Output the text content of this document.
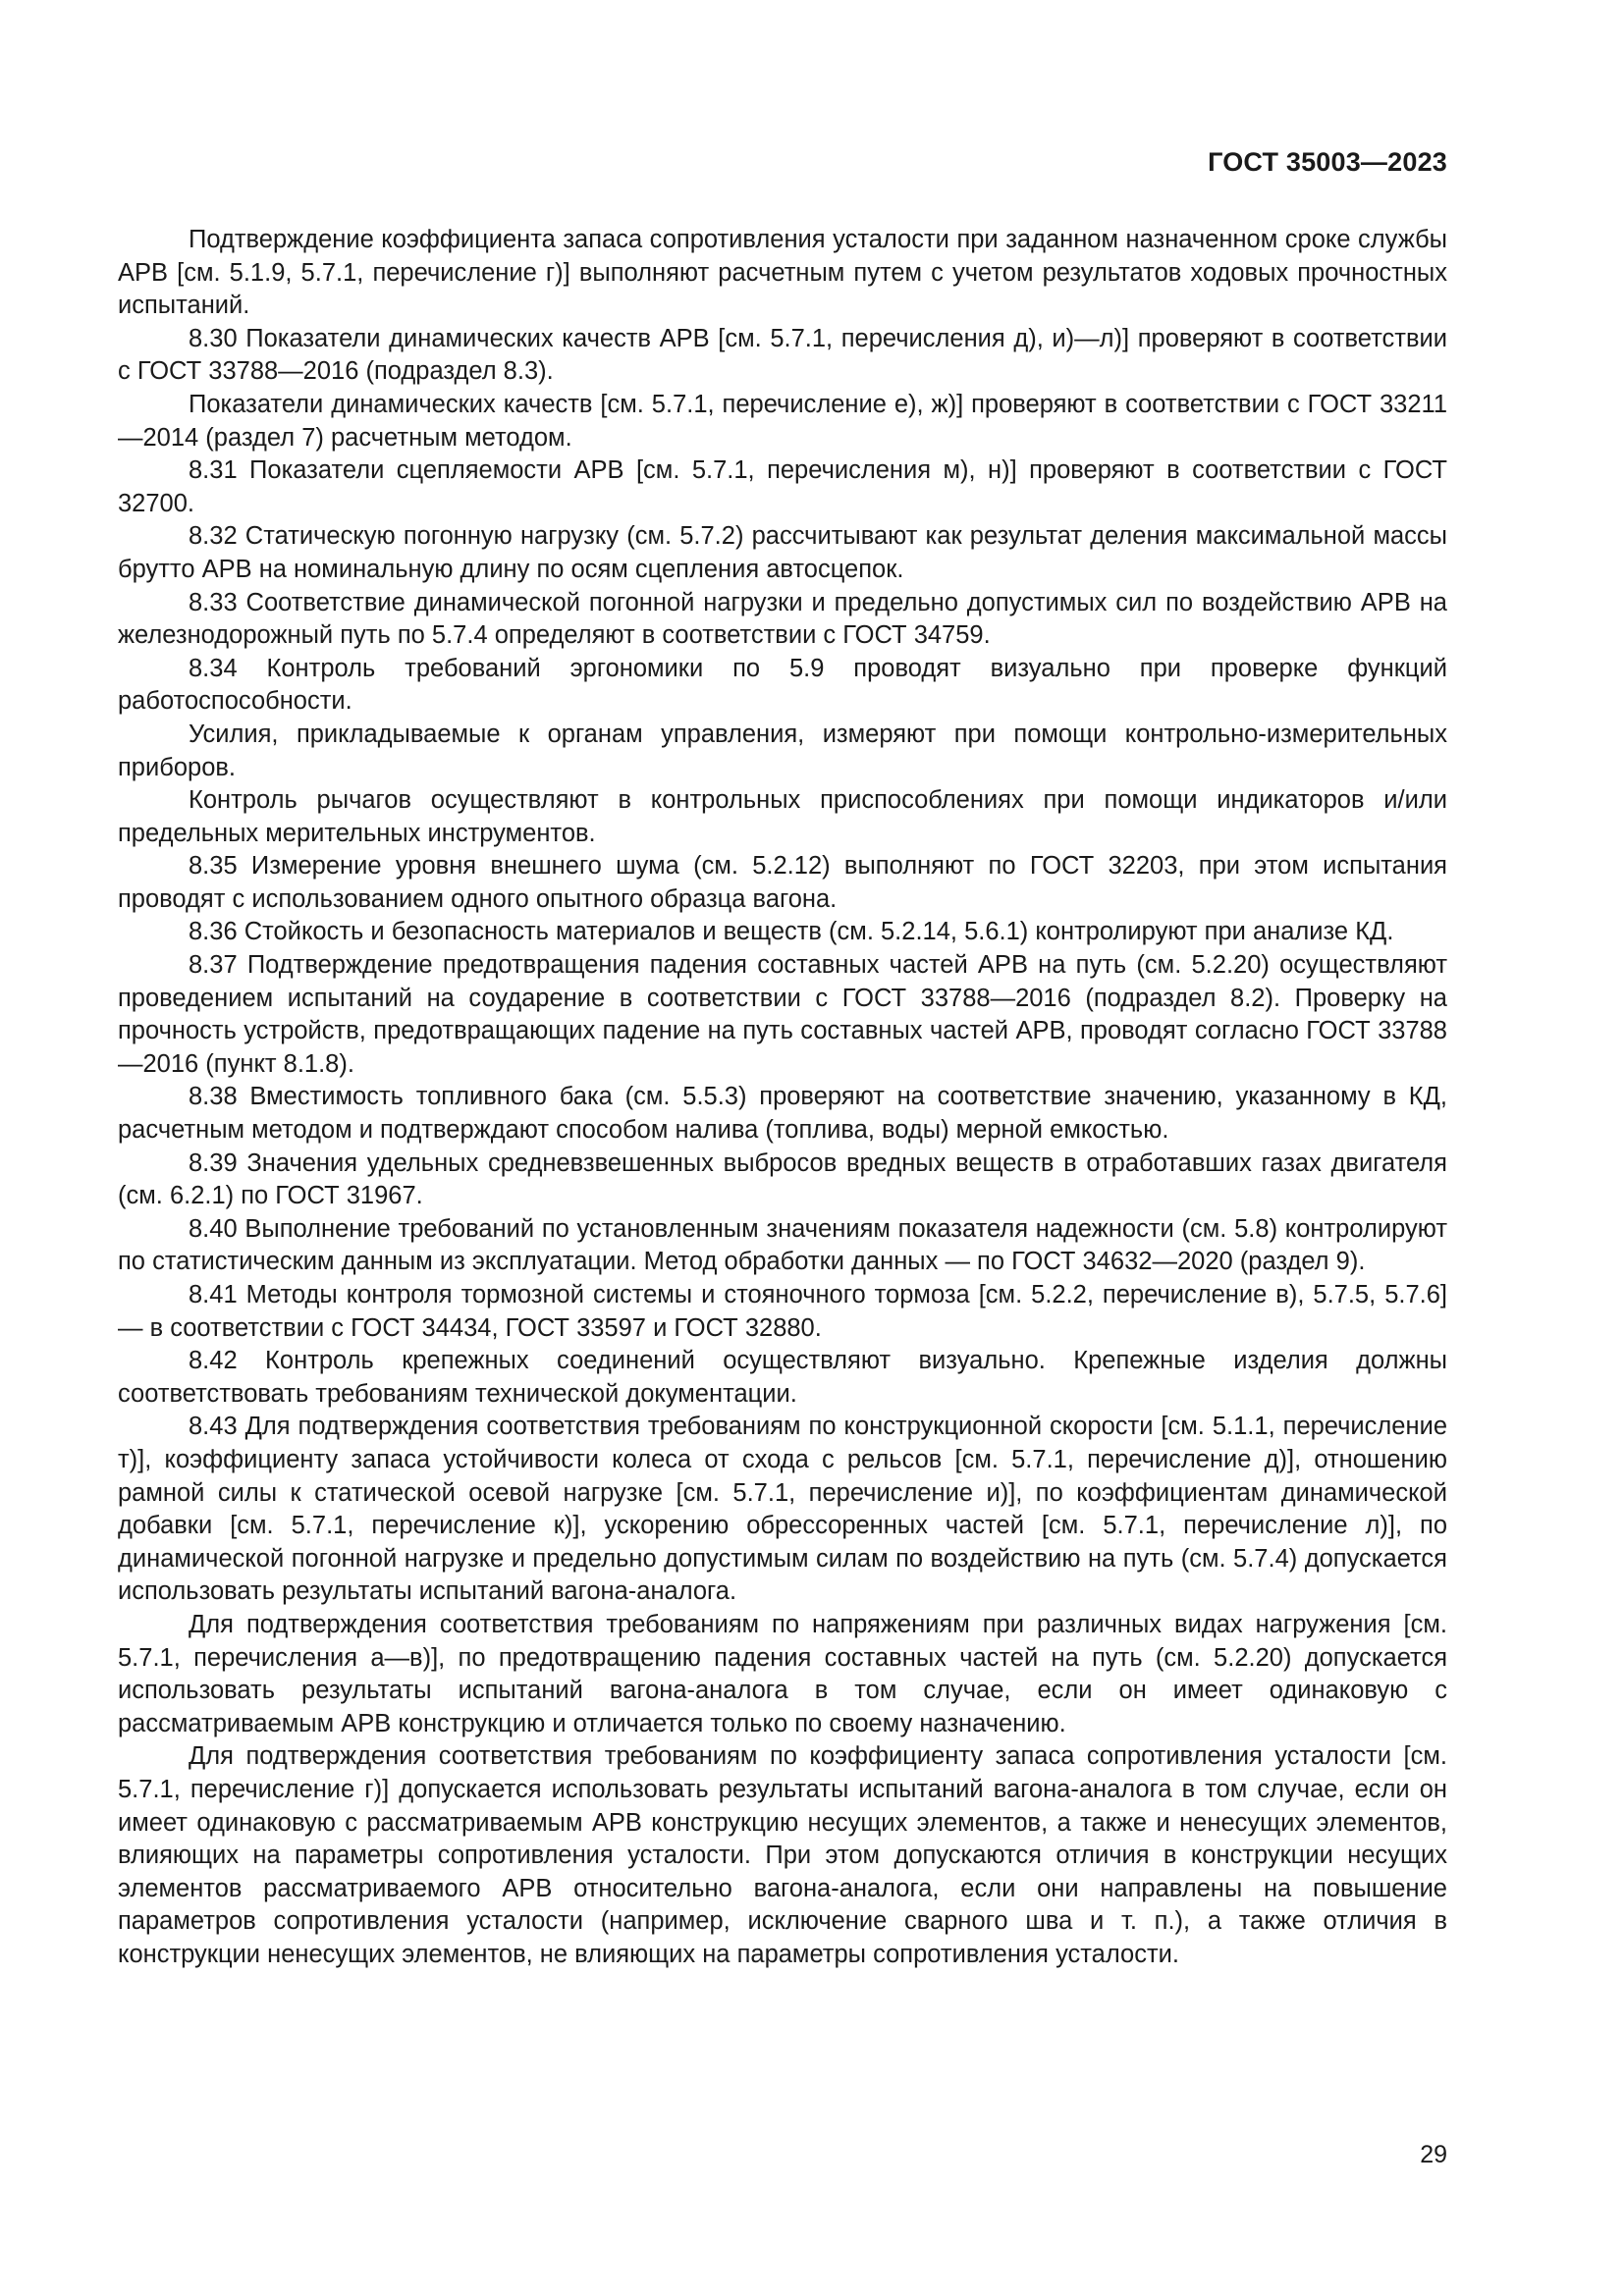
ГОСТ 35003—2023

Подтверждение коэффициента запаса сопротивления усталости при заданном назначенном сроке службы АРВ [см. 5.1.9, 5.7.1, перечисление г)] выполняют расчетным путем с учетом результатов ходовых прочностных испытаний.

8.30 Показатели динамических качеств АРВ [см. 5.7.1, перечисления д), и)—л)] проверяют в соответствии с ГОСТ 33788—2016 (подраздел 8.3).

Показатели динамических качеств [см. 5.7.1, перечисление е), ж)] проверяют в соответствии с ГОСТ 33211—2014 (раздел 7) расчетным методом.

8.31 Показатели сцепляемости АРВ [см. 5.7.1, перечисления м), н)] проверяют в соответствии с ГОСТ 32700.

8.32 Статическую погонную нагрузку (см. 5.7.2) рассчитывают как результат деления максимальной массы брутто АРВ на номинальную длину по осям сцепления автосцепок.

8.33 Соответствие динамической погонной нагрузки и предельно допустимых сил по воздействию АРВ на железнодорожный путь по 5.7.4 определяют в соответствии с ГОСТ 34759.

8.34 Контроль требований эргономики по 5.9 проводят визуально при проверке функций работоспособности.

Усилия, прикладываемые к органам управления, измеряют при помощи контрольно-измерительных приборов.

Контроль рычагов осуществляют в контрольных приспособлениях при помощи индикаторов и/или предельных мерительных инструментов.

8.35 Измерение уровня внешнего шума (см. 5.2.12) выполняют по ГОСТ 32203, при этом испытания проводят с использованием одного опытного образца вагона.

8.36 Стойкость и безопасность материалов и веществ (см. 5.2.14, 5.6.1) контролируют при анализе КД.

8.37 Подтверждение предотвращения падения составных частей АРВ на путь (см. 5.2.20) осуществляют проведением испытаний на соударение в соответствии с ГОСТ 33788—2016 (подраздел 8.2). Проверку на прочность устройств, предотвращающих падение на путь составных частей АРВ, проводят согласно ГОСТ 33788—2016 (пункт 8.1.8).

8.38 Вместимость топливного бака (см. 5.5.3) проверяют на соответствие значению, указанному в КД, расчетным методом и подтверждают способом налива (топлива, воды) мерной емкостью.

8.39 Значения удельных средневзвешенных выбросов вредных веществ в отработавших газах двигателя (см. 6.2.1) по ГОСТ 31967.

8.40 Выполнение требований по установленным значениям показателя надежности (см. 5.8) контролируют по статистическим данным из эксплуатации. Метод обработки данных — по ГОСТ 34632—2020 (раздел 9).

8.41 Методы контроля тормозной системы и стояночного тормоза [см. 5.2.2, перечисление в), 5.7.5, 5.7.6] — в соответствии с ГОСТ 34434, ГОСТ 33597 и ГОСТ 32880.

8.42 Контроль крепежных соединений осуществляют визуально. Крепежные изделия должны соответствовать требованиям технической документации.

8.43 Для подтверждения соответствия требованиям по конструкционной скорости [см. 5.1.1, перечисление т)], коэффициенту запаса устойчивости колеса от схода с рельсов [см. 5.7.1, перечисление д)], отношению рамной силы к статической осевой нагрузке [см. 5.7.1, перечисление и)], по коэффициентам динамической добавки [см. 5.7.1, перечисление к)], ускорению обрессоренных частей [см. 5.7.1, перечисление л)], по динамической погонной нагрузке и предельно допустимым силам по воздействию на путь (см. 5.7.4) допускается использовать результаты испытаний вагона-аналога.

Для подтверждения соответствия требованиям по напряжениям при различных видах нагружения [см. 5.7.1, перечисления а—в)], по предотвращению падения составных частей на путь (см. 5.2.20) допускается использовать результаты испытаний вагона-аналога в том случае, если он имеет одинаковую с рассматриваемым АРВ конструкцию и отличается только по своему назначению.

Для подтверждения соответствия требованиям по коэффициенту запаса сопротивления усталости [см. 5.7.1, перечисление г)] допускается использовать результаты испытаний вагона-аналога в том случае, если он имеет одинаковую с рассматриваемым АРВ конструкцию несущих элементов, а также и ненесущих элементов, влияющих на параметры сопротивления усталости. При этом допускаются отличия в конструкции несущих элементов рассматриваемого АРВ относительно вагона-аналога, если они направлены на повышение параметров сопротивления усталости (например, исключение сварного шва и т. п.), а также отличия в конструкции ненесущих элементов, не влияющих на параметры сопротивления усталости.

29
